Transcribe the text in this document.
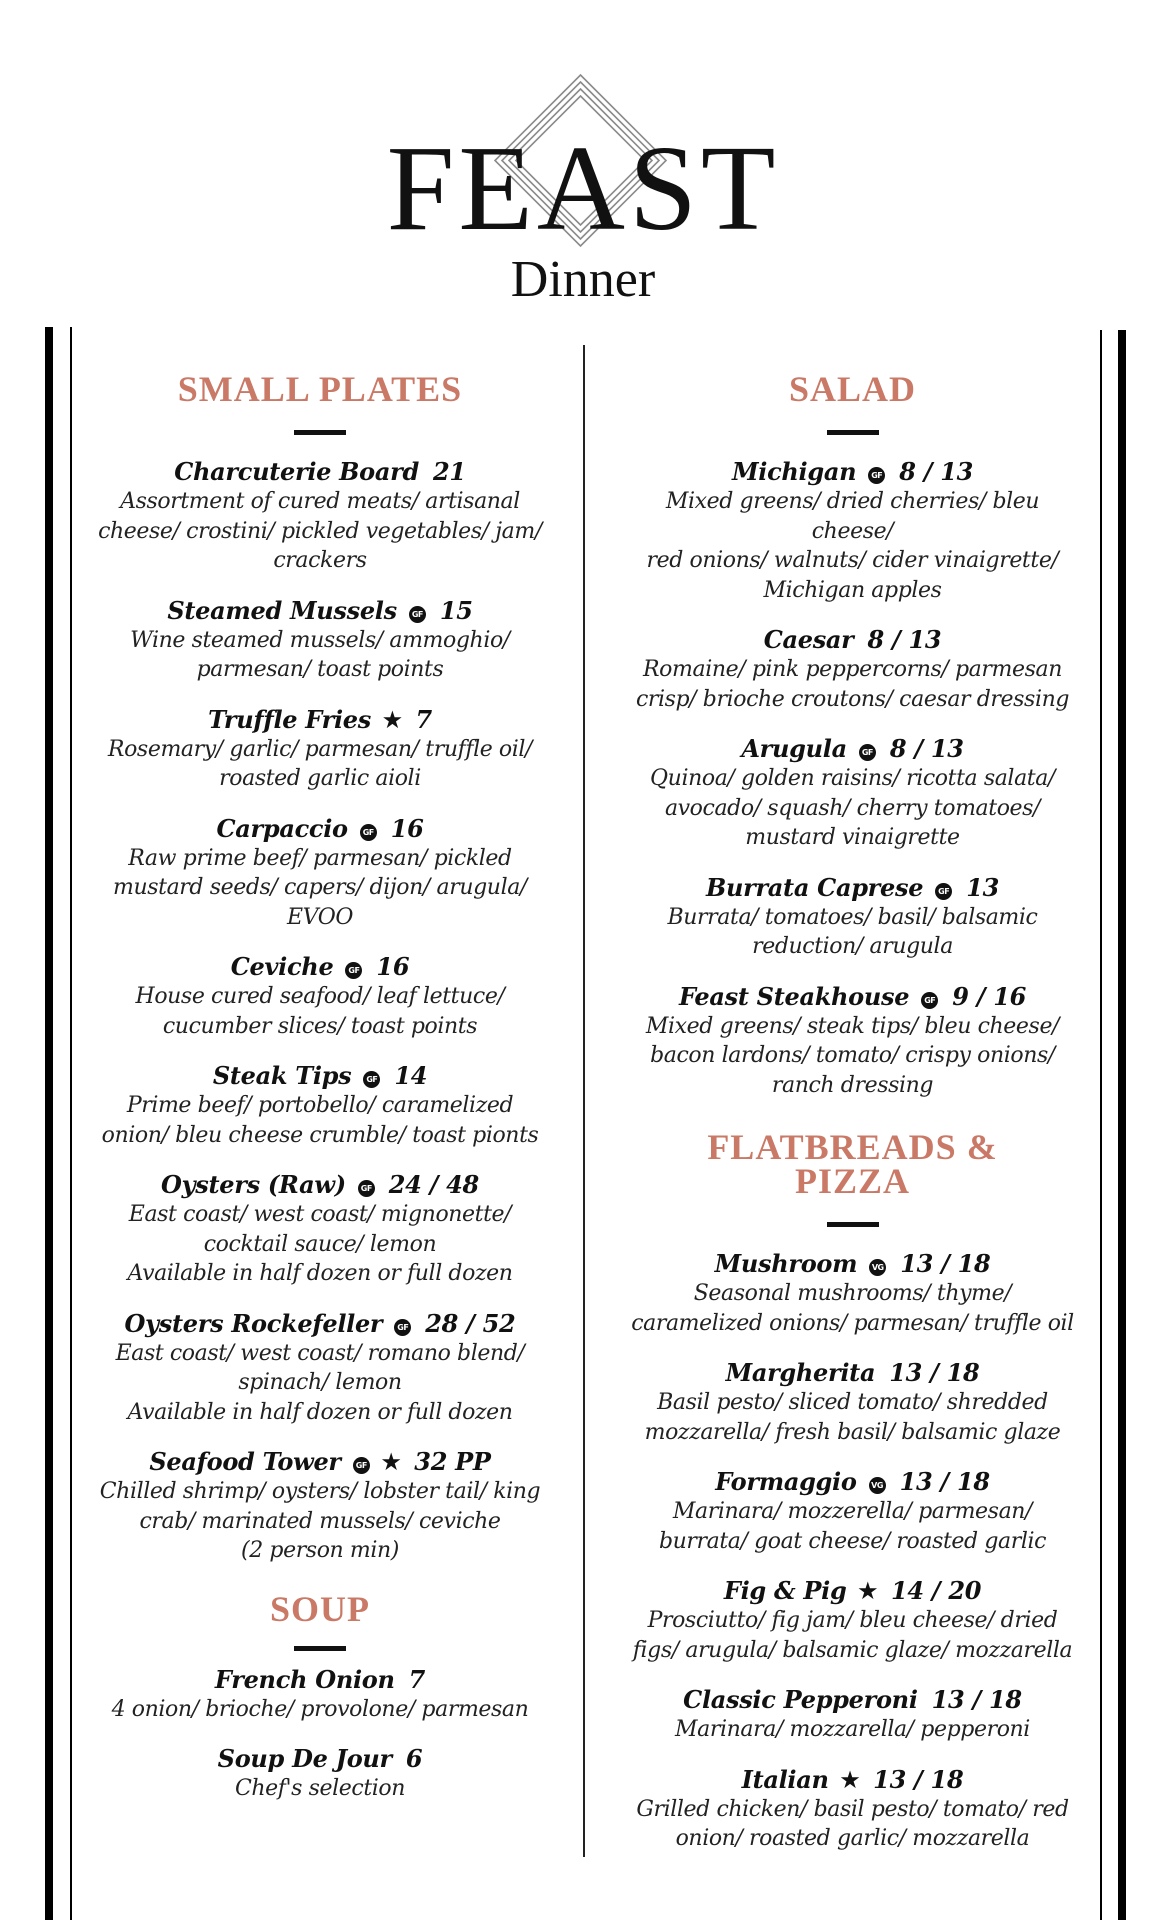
FEAST
Dinner
SMALL PLATES
Charcuterie Board 21
Assortment of cured meats/ artisanal
cheese/ crostini/ pickled vegetables/ jam/
crackers
Steamed Mussels GF 15
Wine steamed mussels/ ammoghio/
parmesan/ toast points
Truffle Fries ★ 7
Rosemary/ garlic/ parmesan/ truffle oil/
roasted garlic aioli
Carpaccio GF 16
Raw prime beef/ parmesan/ pickled
mustard seeds/ capers/ dijon/ arugula/
EVOO
Ceviche GF 16
House cured seafood/ leaf lettuce/
cucumber slices/ toast points
Steak Tips GF 14
Prime beef/ portobello/ caramelized
onion/ bleu cheese crumble/ toast pionts
Oysters (Raw) GF 24 / 48
East coast/ west coast/ mignonette/
cocktail sauce/ lemon
Available in half dozen or full dozen
Oysters Rockefeller GF 28 / 52
East coast/ west coast/ romano blend/
spinach/ lemon
Available in half dozen or full dozen
Seafood Tower GF ★ 32 PP
Chilled shrimp/ oysters/ lobster tail/ king
crab/ marinated mussels/ ceviche
(2 person min)
SOUP
French Onion 7
4 onion/ brioche/ provolone/ parmesan
Soup De Jour 6
Chef's selection
SALAD
Michigan GF 8 / 13
Mixed greens/ dried cherries/ bleu cheese/
red onions/ walnuts/ cider vinaigrette/
Michigan apples
Caesar 8 / 13
Romaine/ pink peppercorns/ parmesan
crisp/ brioche croutons/ caesar dressing
Arugula GF 8 / 13
Quinoa/ golden raisins/ ricotta salata/
avocado/ squash/ cherry tomatoes/
mustard vinaigrette
Burrata Caprese GF 13
Burrata/ tomatoes/ basil/ balsamic
reduction/ arugula
Feast Steakhouse GF 9 / 16
Mixed greens/ steak tips/ bleu cheese/
bacon lardons/ tomato/ crispy onions/
ranch dressing
FLATBREADS &
PIZZA
Mushroom VG 13 / 18
Seasonal mushrooms/ thyme/
caramelized onions/ parmesan/ truffle oil
Margherita 13 / 18
Basil pesto/ sliced tomato/ shredded
mozzarella/ fresh basil/ balsamic glaze
Formaggio VG 13 / 18
Marinara/ mozzerella/ parmesan/
burrata/ goat cheese/ roasted garlic
Fig & Pig ★ 14 / 20
Prosciutto/ fig jam/ bleu cheese/ dried
figs/ arugula/ balsamic glaze/ mozzarella
Classic Pepperoni 13 / 18
Marinara/ mozzarella/ pepperoni
Italian ★ 13 / 18
Grilled chicken/ basil pesto/ tomato/ red
onion/ roasted garlic/ mozzarella
